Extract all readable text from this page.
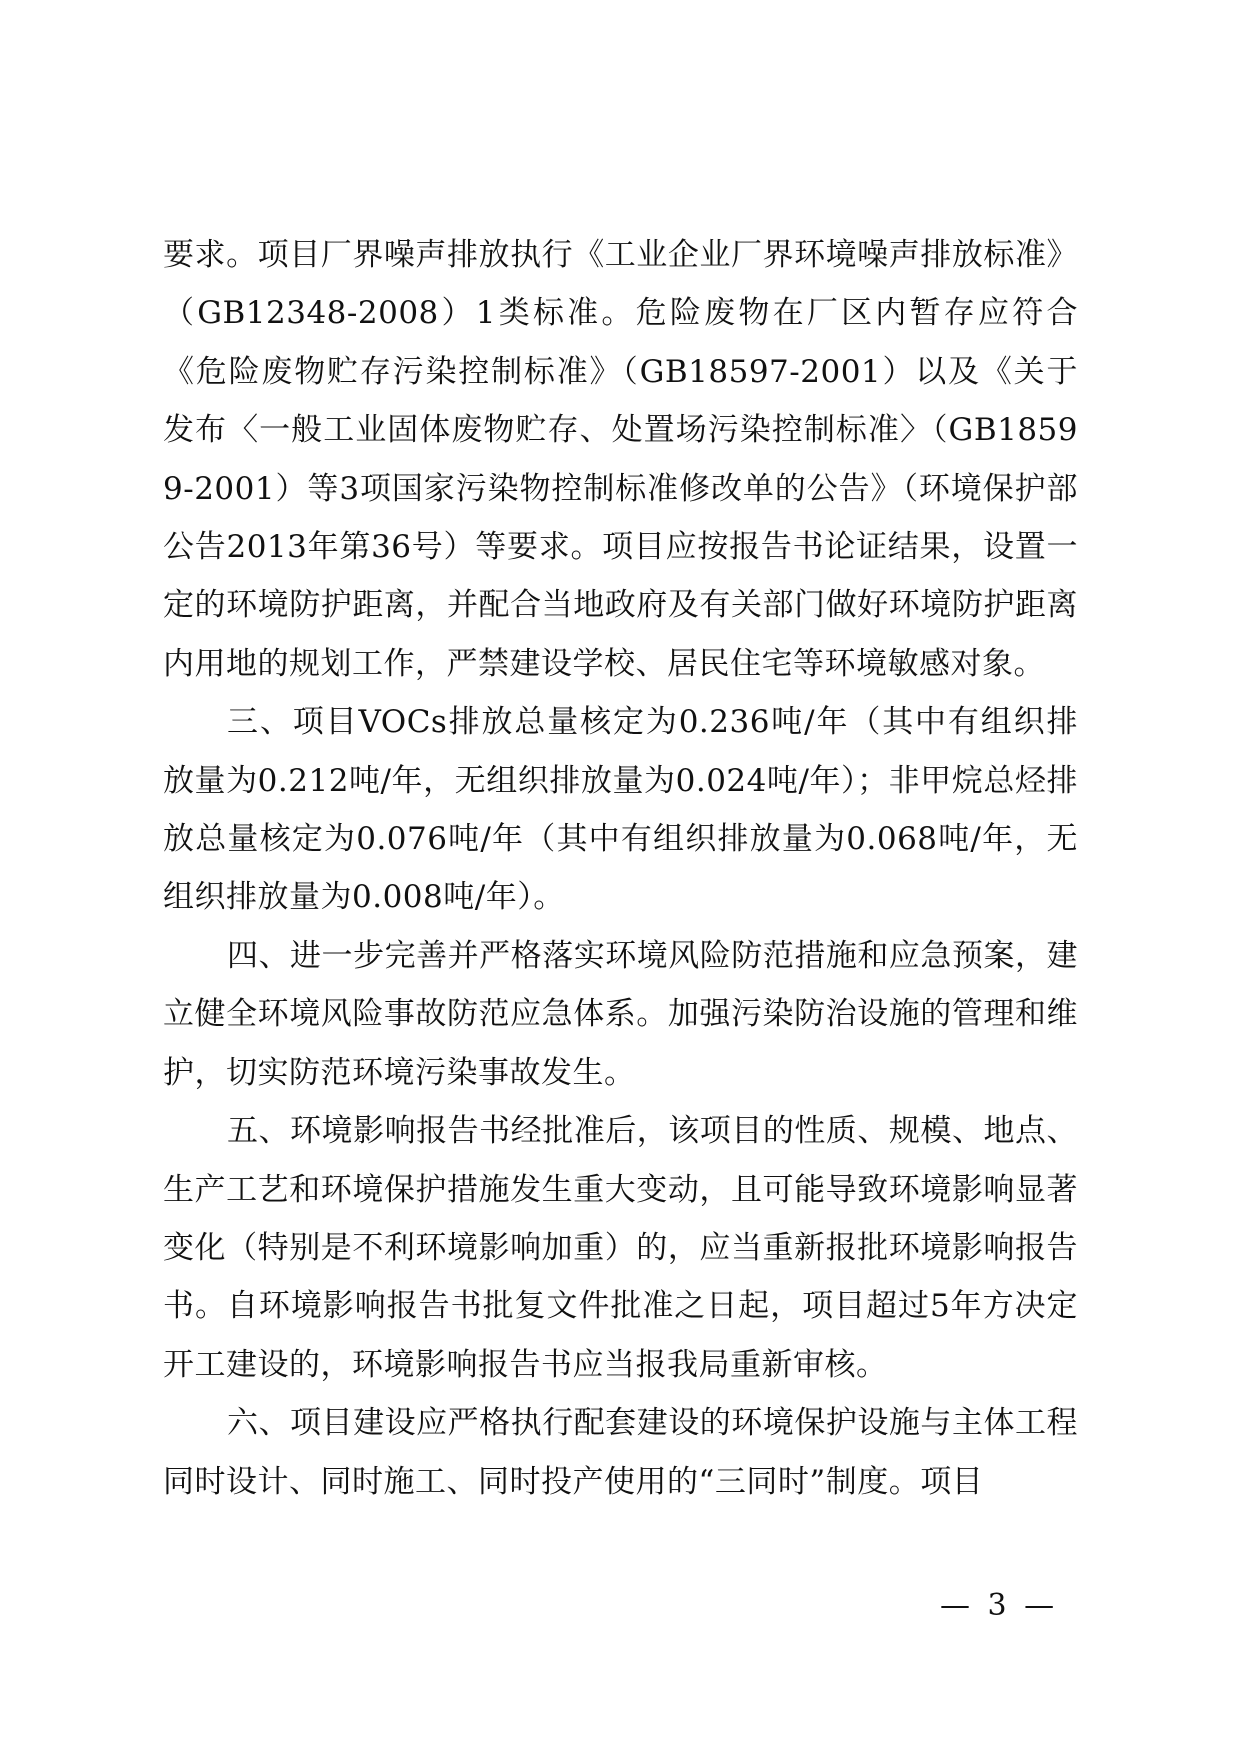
要求。项目厂界噪声排放执行《工业企业厂界环境噪声排放标准》（GB12348-2008）1类标准。危险废物在厂区内暂存应符合《危险废物贮存污染控制标准》（GB18597-2001）以及《关于发布〈一般工业固体废物贮存、处置场污染控制标准〉（GB18599-2001）等3项国家污染物控制标准修改单的公告》（环境保护部公告2013年第36号）等要求。项目应按报告书论证结果，设置一定的环境防护距离，并配合当地政府及有关部门做好环境防护距离内用地的规划工作，严禁建设学校、居民住宅等环境敏感对象。

三、项目VOCs排放总量核定为0.236吨/年（其中有组织排放量为0.212吨/年，无组织排放量为0.024吨/年）；非甲烷总烃排放总量核定为0.076吨/年（其中有组织排放量为0.068吨/年，无组织排放量为0.008吨/年）。

四、进一步完善并严格落实环境风险防范措施和应急预案，建立健全环境风险事故防范应急体系。加强污染防治设施的管理和维护，切实防范环境污染事故发生。

五、环境影响报告书经批准后，该项目的性质、规模、地点、生产工艺和环境保护措施发生重大变动，且可能导致环境影响显著变化（特别是不利环境影响加重）的，应当重新报批环境影响报告书。自环境影响报告书批复文件批准之日起，项目超过5年方决定开工建设的，环境影响报告书应当报我局重新审核。

六、项目建设应严格执行配套建设的环境保护设施与主体工程同时设计、同时施工、同时投产使用的“三同时”制度。项目

— 3 —
